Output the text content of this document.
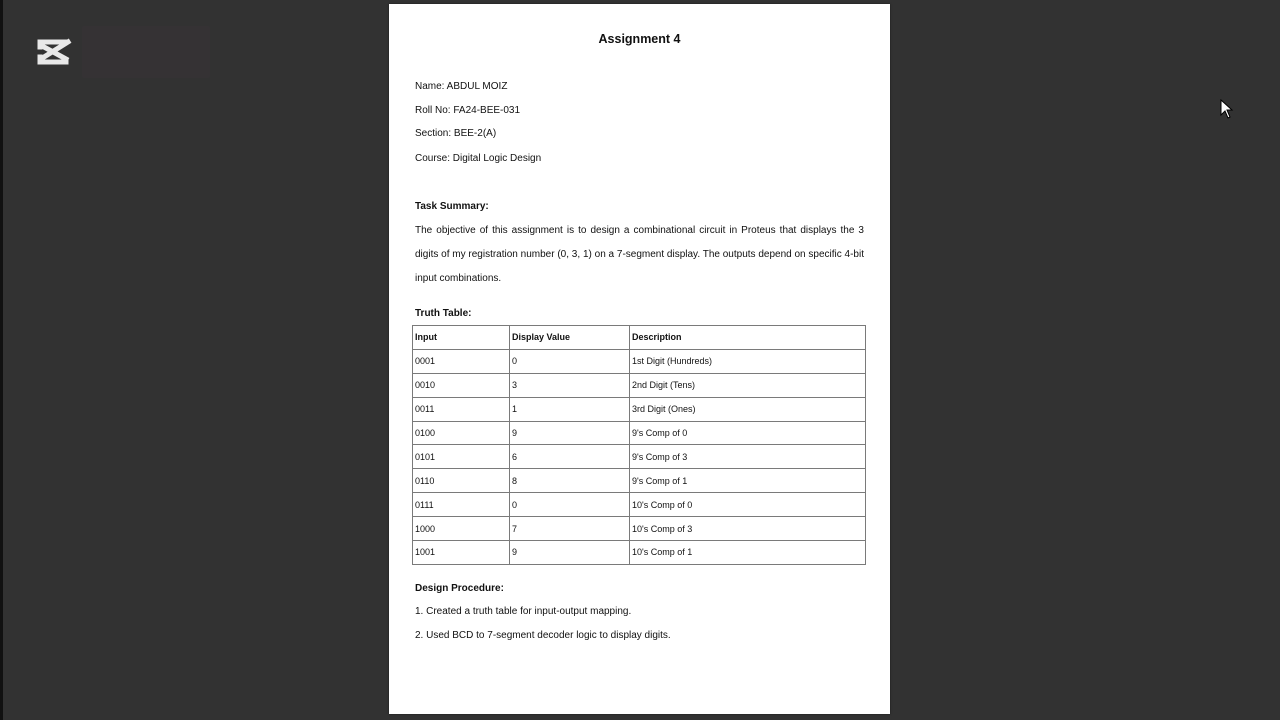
Assignment 4
Name: ABDUL MOIZ
Roll No: FA24-BEE-031
Section: BEE-2(A)
Course: Digital Logic Design
Task Summary:
The objective of this assignment is to design a combinational circuit in Proteus that displays the 3 digits of my registration number (0, 3, 1) on a 7-segment display. The outputs depend on specific 4-bit input combinations.
Truth Table:
Input	Display Value	Description
0001	0	1st Digit (Hundreds)
0010	3	2nd Digit (Tens)
0011	1	3rd Digit (Ones)
0100	9	9's Comp of 0
0101	6	9's Comp of 3
0110	8	9's Comp of 1
0111	0	10's Comp of 0
1000	7	10's Comp of 3
1001	9	10's Comp of 1
Design Procedure:
1. Created a truth table for input-output mapping.
2. Used BCD to 7-segment decoder logic to display digits.
